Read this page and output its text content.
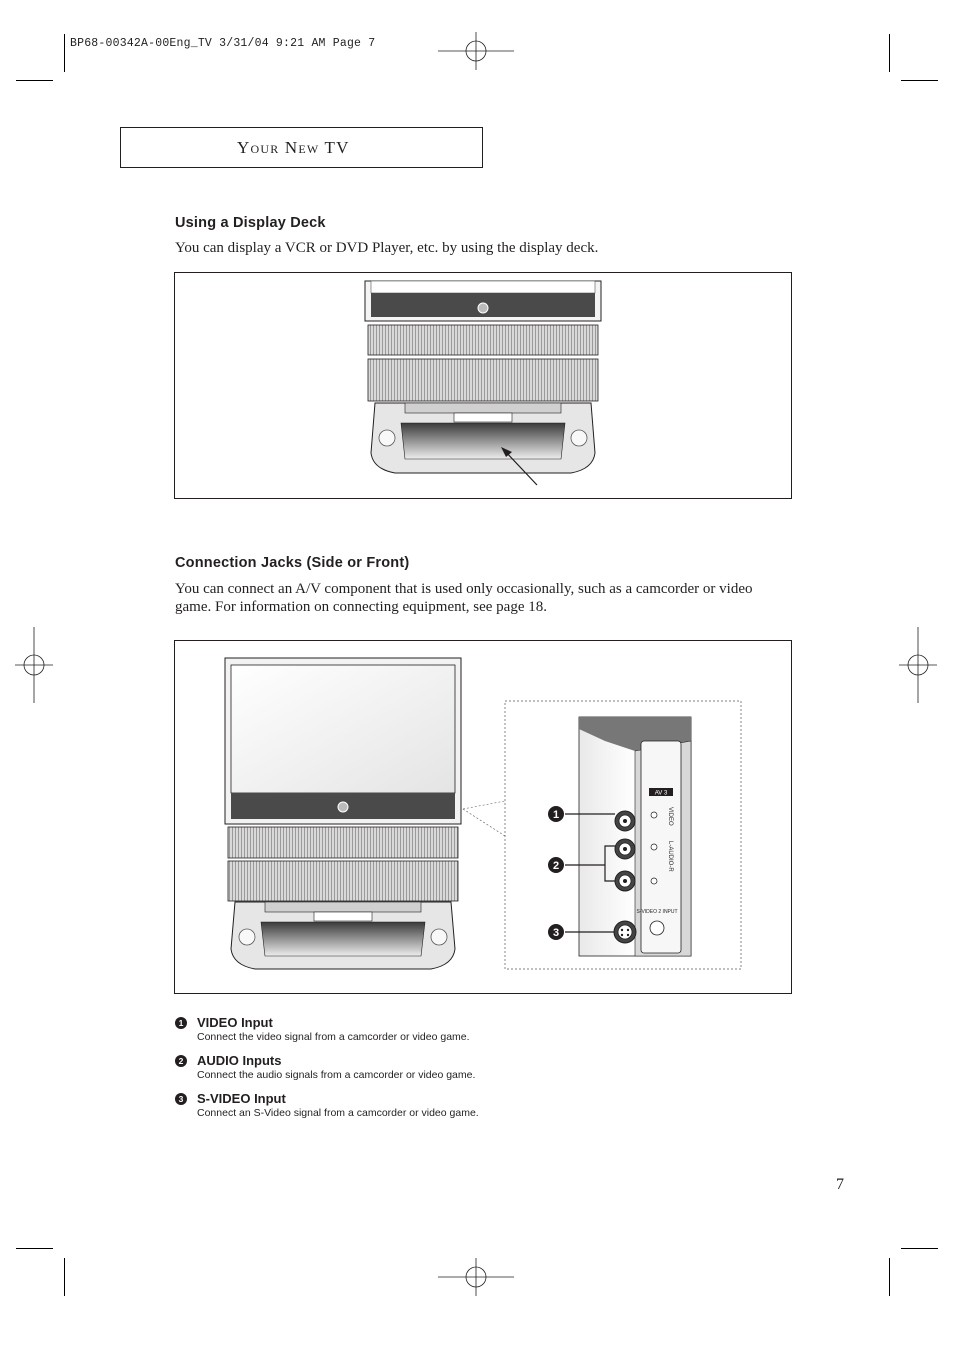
BP68-00342A-00Eng_TV 3/31/04 9:21 AM Page 7
Your New TV
Using a Display Deck
You can display a VCR or DVD Player, etc. by using the display deck.
Connection Jacks (Side or Front)
You can connect an A/V component that is used only occasionally, such as a camcorder or video game. For information on connecting equipment, see page 18.
AV 3
VIDEO
L-AUDIO-R
S-VIDEO 2 INPUT
1
2
3
1 VIDEO Input
Connect the video signal from a camcorder or video game.
2 AUDIO Inputs
Connect the audio signals from a camcorder or video game.
3 S-VIDEO Input
Connect an S-Video signal from a camcorder or video game.
7
